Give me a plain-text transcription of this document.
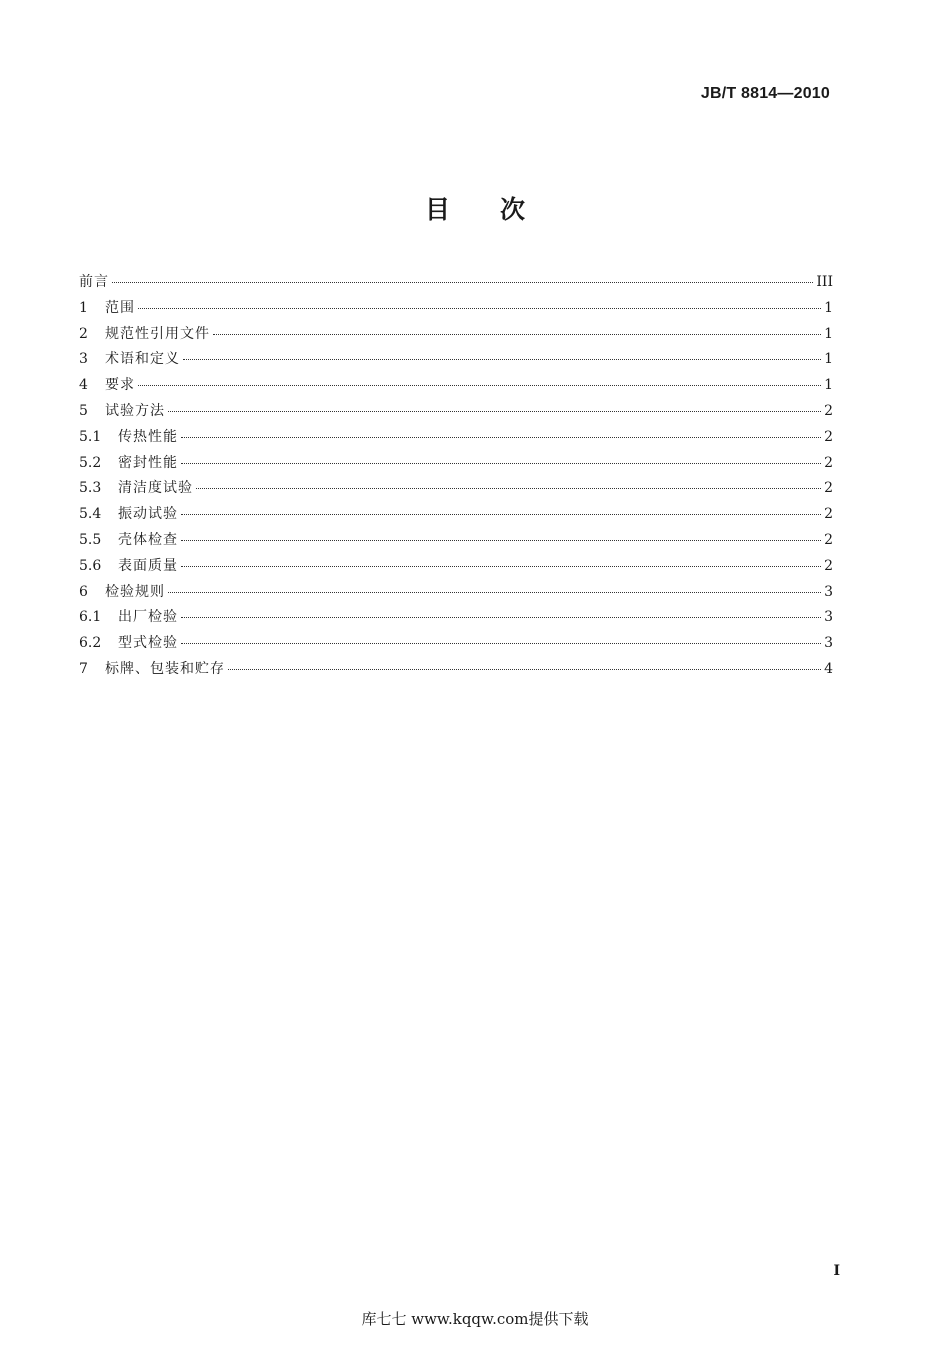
JB/T 8814—2010
目次
前言	III
1	范围	1
2	规范性引用文件	1
3	术语和定义	1
4	要求	1
5	试验方法	2
5.1	传热性能	2
5.2	密封性能	2
5.3	清洁度试验	2
5.4	振动试验	2
5.5	壳体检查	2
5.6	表面质量	2
6	检验规则	3
6.1	出厂检验	3
6.2	型式检验	3
7	标牌、包装和贮存	4
I
库七七 www.kqqw.com提供下载
